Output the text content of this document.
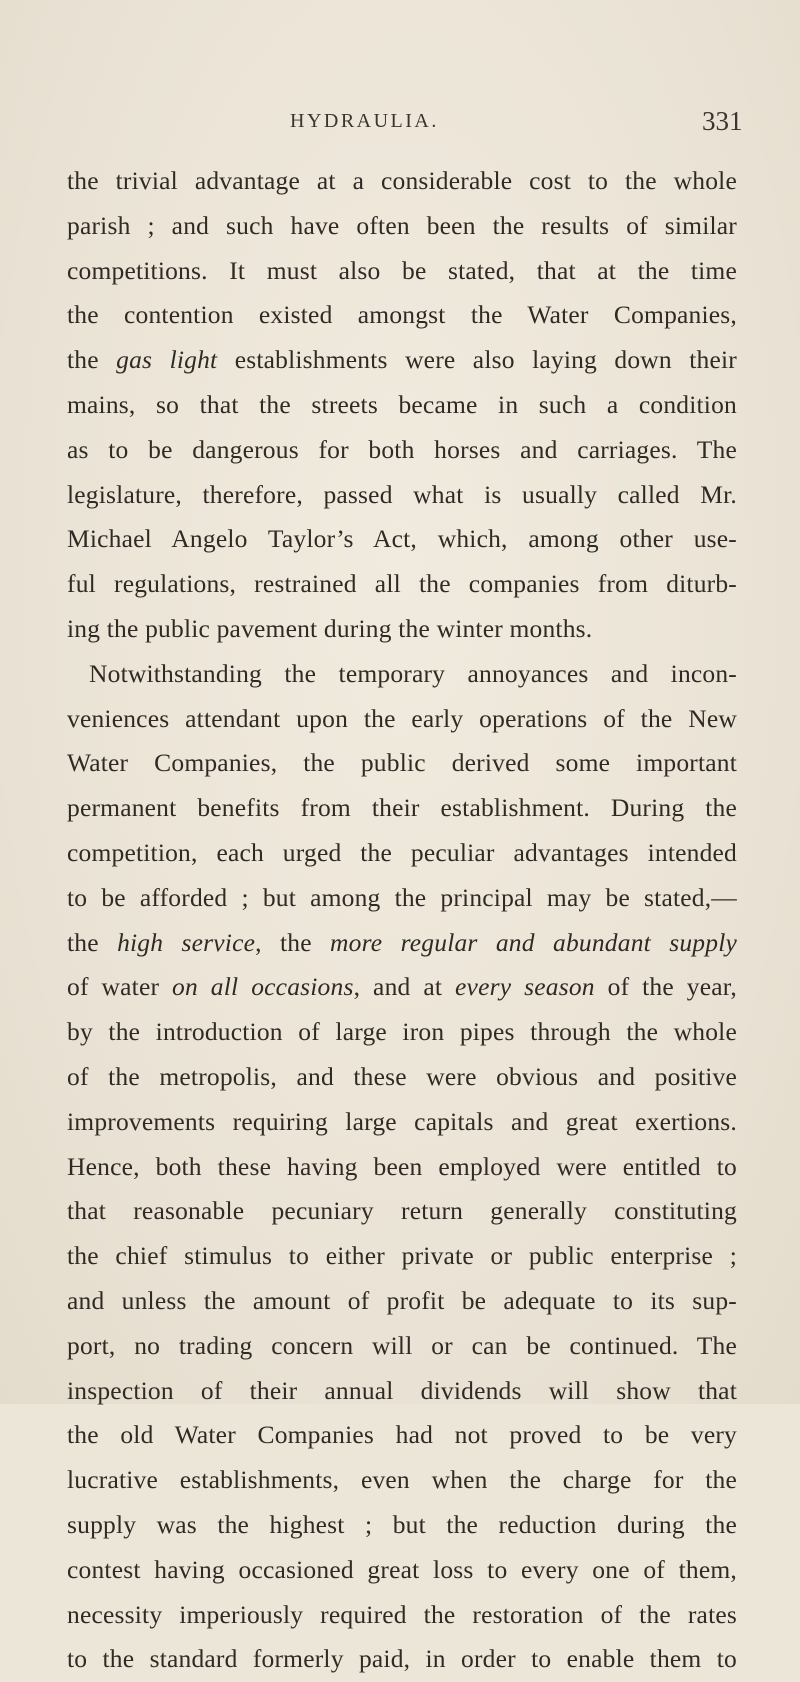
HYDRAULIA.	331
the trivial advantage at a considerable cost to the whole
parish ; and such have often been the results of similar
competitions. It must also be stated, that at the time
the contention existed amongst the Water Companies,
the gas light establishments were also laying down their
mains, so that the streets became in such a condition
as to be dangerous for both horses and carriages. The
legislature, therefore, passed what is usually called Mr.
Michael Angelo Taylor’s Act, which, among other use-
ful regulations, restrained all the companies from diturb-
ing the public pavement during the winter months.
Notwithstanding the temporary annoyances and incon-
veniences attendant upon the early operations of the New
Water Companies, the public derived some important
permanent benefits from their establishment. During the
competition, each urged the peculiar advantages intended
to be afforded ; but among the principal may be stated,—
the high service, the more regular and abundant supply
of water on all occasions, and at every season of the year,
by the introduction of large iron pipes through the whole
of the metropolis, and these were obvious and positive
improvements requiring large capitals and great exertions.
Hence, both these having been employed were entitled to
that reasonable pecuniary return generally constituting
the chief stimulus to either private or public enterprise ;
and unless the amount of profit be adequate to its sup-
port, no trading concern will or can be continued. The
inspection of their annual dividends will show that
the old Water Companies had not proved to be very
lucrative establishments, even when the charge for the
supply was the highest ; but the reduction during the
contest having occasioned great loss to every one of them,
necessity imperiously required the restoration of the rates
to the standard formerly paid, in order to enable them to
